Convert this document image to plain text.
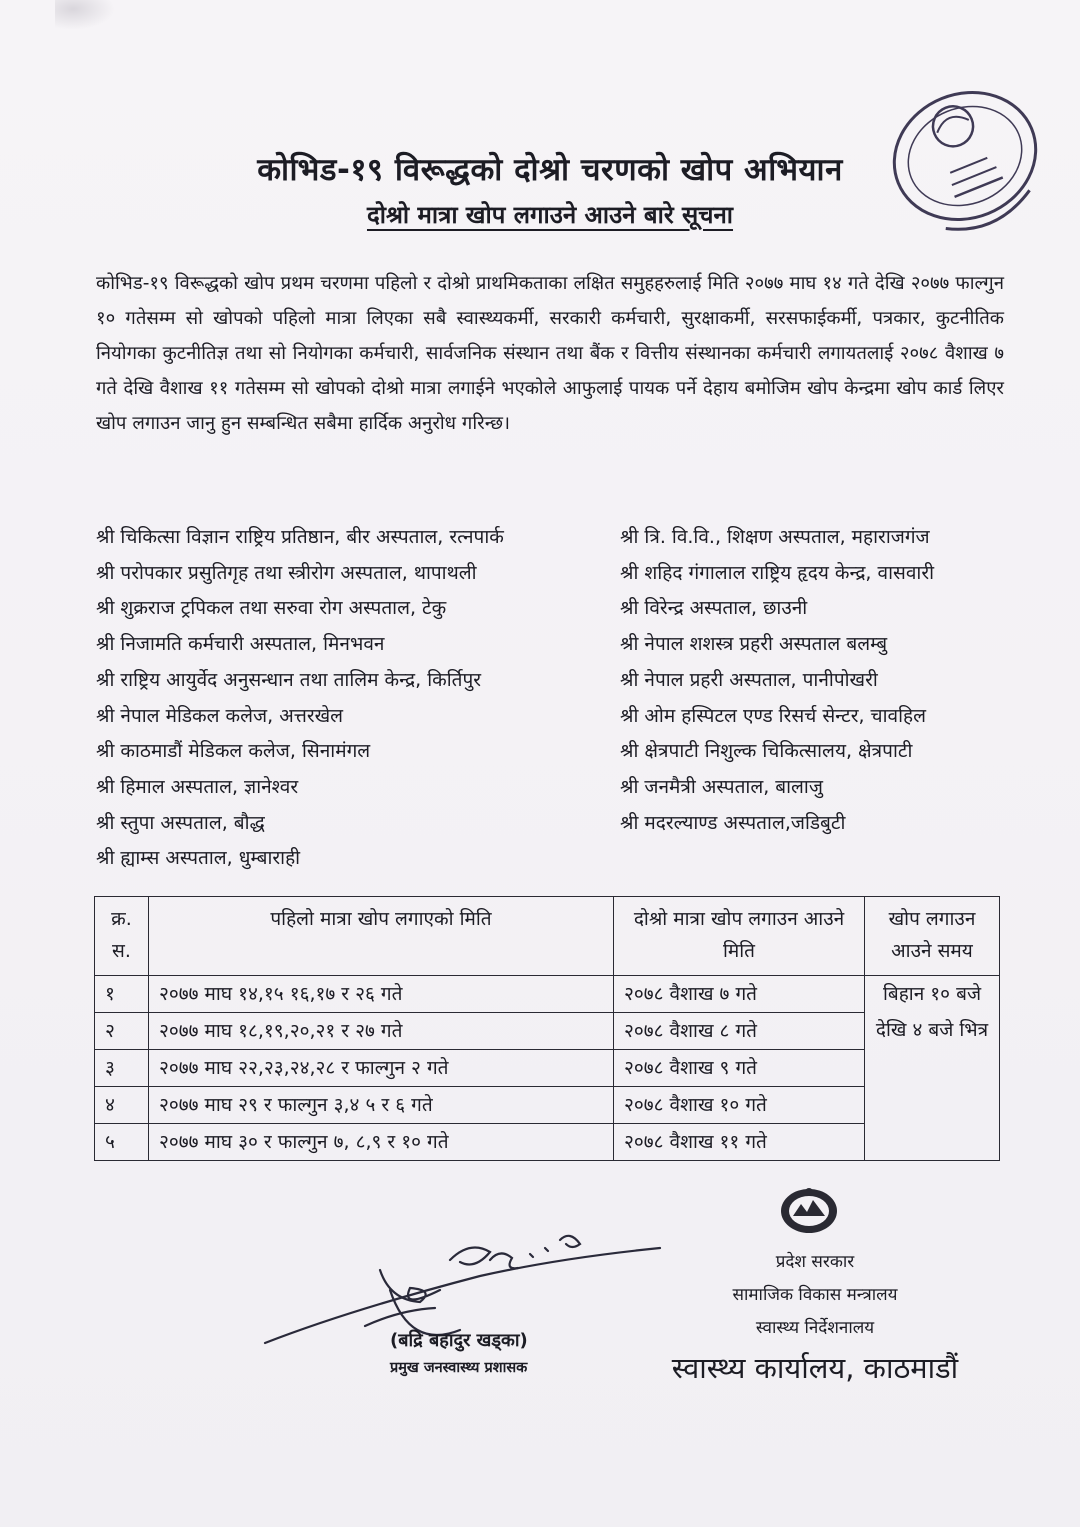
कोभिड-१९ विरूद्धको दोश्रो चरणको खोप अभियान
दोश्रो मात्रा खोप लगाउने आउने बारे सूचना
कोभिड-१९ विरूद्धको खोप प्रथम चरणमा पहिलो र दोश्रो प्राथमिकताका लक्षित समुहहरुलाई मिति २०७७ माघ १४ गते देखि २०७७ फाल्गुन १० गतेसम्म सो खोपको पहिलो मात्रा लिएका सबै स्वास्थ्यकर्मी, सरकारी कर्मचारी, सुरक्षाकर्मी, सरसफाईकर्मी, पत्रकार, कुटनीतिक नियोगका कुटनीतिज्ञ तथा सो नियोगका कर्मचारी, सार्वजनिक संस्थान तथा बैंक र वित्तीय संस्थानका कर्मचारी लगायतलाई २०७८ वैशाख ७ गते देखि वैशाख ११ गतेसम्म सो खोपको दोश्रो मात्रा लगाईने भएकोले आफुलाई पायक पर्ने देहाय बमोजिम खोप केन्द्रमा खोप कार्ड लिएर खोप लगाउन जानु हुन सम्बन्धित सबैमा हार्दिक अनुरोध गरिन्छ।
श्री चिकित्सा विज्ञान राष्ट्रिय प्रतिष्ठान, बीर अस्पताल, रत्नपार्क
श्री परोपकार प्रसुतिगृह तथा स्त्रीरोग अस्पताल, थापाथली
श्री शुक्रराज ट्रपिकल तथा सरुवा रोग अस्पताल, टेकु
श्री निजामति कर्मचारी अस्पताल, मिनभवन
श्री राष्ट्रिय आयुर्वेद अनुसन्धान तथा तालिम केन्द्र, किर्तिपुर
श्री नेपाल मेडिकल कलेज, अत्तरखेल
श्री काठमाडौं मेडिकल कलेज, सिनामंगल
श्री हिमाल अस्पताल, ज्ञानेश्वर
श्री स्तुपा अस्पताल, बौद्ध
श्री ह्याम्स अस्पताल, धुम्बाराही
श्री त्रि. वि.वि., शिक्षण अस्पताल, महाराजगंज
श्री शहिद गंगालाल राष्ट्रिय हृदय केन्द्र, वासवारी
श्री विरेन्द्र अस्पताल, छाउनी
श्री नेपाल शशस्त्र प्रहरी अस्पताल बलम्बु
श्री नेपाल प्रहरी अस्पताल, पानीपोखरी
श्री ओम हस्पिटल एण्ड रिसर्च सेन्टर, चावहिल
श्री क्षेत्रपाटी निशुल्क चिकित्सालय, क्षेत्रपाटी
श्री जनमैत्री अस्पताल, बालाजु
श्री मदरल्याण्ड अस्पताल,जडिबुटी
क्र. स.	पहिलो मात्रा खोप लगाएको मिति	दोश्रो मात्रा खोप लगाउन आउने मिति	खोप लगाउन आउने समय
१	२०७७ माघ १४,१५ १६,१७ र २६ गते	२०७८ वैशाख ७ गते	बिहान १० बजे देखि ४ बजे भित्र
२	२०७७ माघ १८,१९,२०,२१ र २७ गते	२०७८ वैशाख ८ गते	
३	२०७७ माघ २२,२३,२४,२८ र फाल्गुन २ गते	२०७८ वैशाख ९ गते	
४	२०७७ माघ २९ र फाल्गुन ३,४ ५ र ६ गते	२०७८ वैशाख १० गते	
५	२०७७ माघ ३० र फाल्गुन ७, ८,९ र १० गते	२०७८ वैशाख ११ गते	
(बद्रि बहादुर खड्का)
प्रमुख जनस्वास्थ्य प्रशासक
प्रदेश सरकार
सामाजिक विकास मन्त्रालय
स्वास्थ्य निर्देशनालय
स्वास्थ्य कार्यालय, काठमाडौं
